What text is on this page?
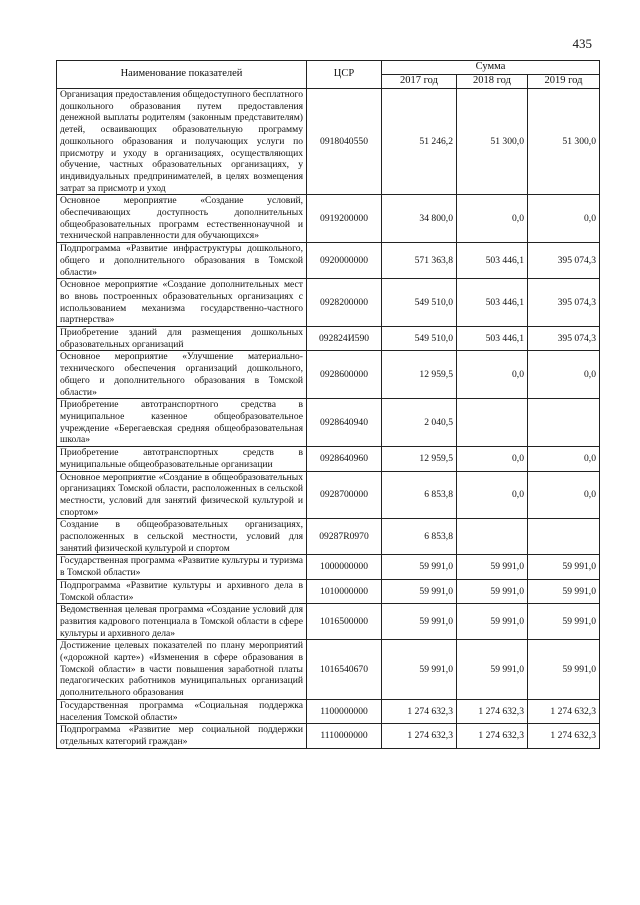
435
Наименование показателей	ЦСР	Сумма		
		2017 год	2018 год	2019 год
Организация предоставления общедоступного бесплатного дошкольного образования путем предоставления денежной выплаты родителям (законным представителям) детей, осваивающих образовательную программу дошкольного образования и получающих услуги по присмотру и уходу в организациях, осуществляющих обучение, частных образовательных организациях, у индивидуальных предпринимателей, в целях возмещения затрат за присмотр и уход	0918040550	51 246,2	51 300,0	51 300,0
Основное мероприятие «Создание условий, обеспечивающих доступность дополнительных общеобразовательных программ естественнонаучной и технической направленности для обучающихся»	0919200000	34 800,0	0,0	0,0
Подпрограмма «Развитие инфраструктуры дошкольного, общего и дополнительного образования в Томской области»	0920000000	571 363,8	503 446,1	395 074,3
Основное мероприятие «Создание дополнительных мест во вновь построенных образовательных организациях с использованием механизма государственно-частного партнерства»	0928200000	549 510,0	503 446,1	395 074,3
Приобретение зданий для размещения дошкольных образовательных организаций	092824И590	549 510,0	503 446,1	395 074,3
Основное мероприятие «Улучшение материально-технического обеспечения организаций дошкольного, общего и дополнительного образования в Томской области»	0928600000	12 959,5	0,0	0,0
Приобретение автотранспортного средства в муниципальное казенное общеобразовательное учреждение «Берегаевская средняя общеобразовательная школа»	0928640940	2 040,5		
Приобретение автотранспортных средств в муниципальные общеобразовательные организации	0928640960	12 959,5	0,0	0,0
Основное мероприятие «Создание в общеобразовательных организациях Томской области, расположенных в сельской местности, условий для занятий физической культурой и спортом»	0928700000	6 853,8	0,0	0,0
Создание в общеобразовательных организациях, расположенных в сельской местности, условий для занятий физической культурой и спортом	09287R0970	6 853,8		
Государственная программа «Развитие культуры и туризма в Томской области»	1000000000	59 991,0	59 991,0	59 991,0
Подпрограмма «Развитие культуры и архивного дела в Томской области»	1010000000	59 991,0	59 991,0	59 991,0
Ведомственная целевая программа «Создание условий для развития кадрового потенциала в Томской области в сфере культуры и архивного дела»	1016500000	59 991,0	59 991,0	59 991,0
Достижение целевых показателей по плану мероприятий («дорожной карте») «Изменения в сфере образования в Томской области» в части повышения заработной платы педагогических работников муниципальных организаций дополнительного образования	1016540670	59 991,0	59 991,0	59 991,0
Государственная программа «Социальная поддержка населения Томской области»	1100000000	1 274 632,3	1 274 632,3	1 274 632,3
Подпрограмма «Развитие мер социальной поддержки отдельных категорий граждан»	1110000000	1 274 632,3	1 274 632,3	1 274 632,3
